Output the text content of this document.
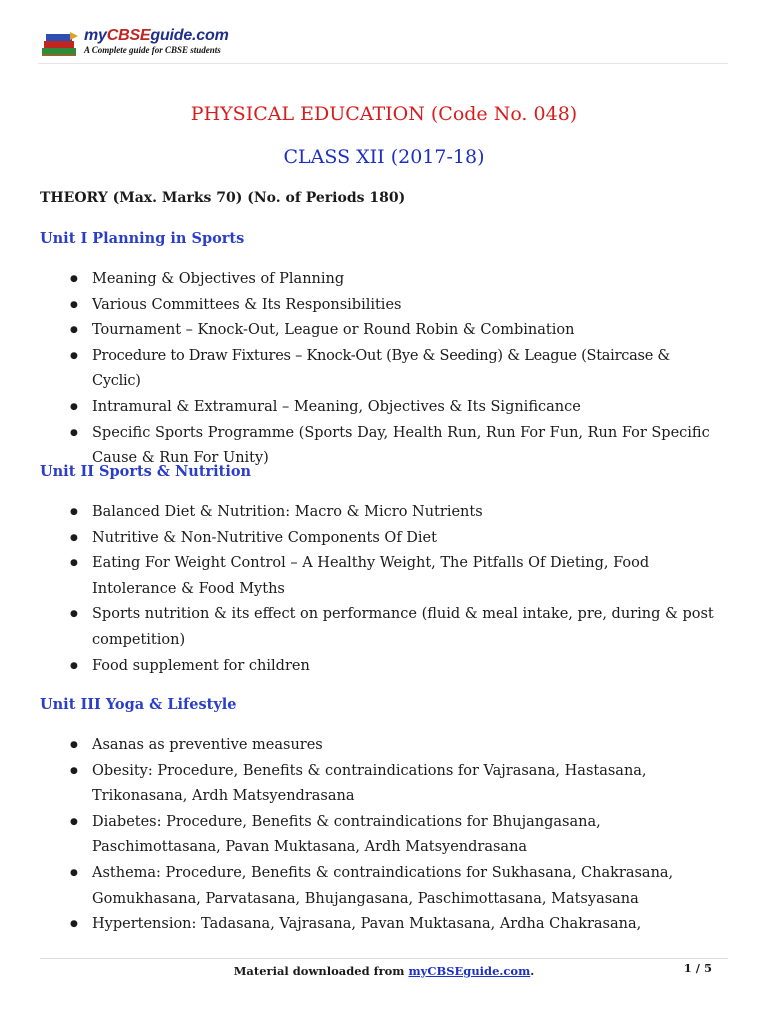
myCBSEguide.com
A Complete guide for CBSE students
PHYSICAL EDUCATION (Code No. 048)
CLASS XII (2017-18)

THEORY (Max. Marks 70) (No. of Periods 180)

Unit I Planning in Sports
● Meaning & Objectives of Planning
● Various Committees & Its Responsibilities
● Tournament – Knock-Out, League or Round Robin & Combination
● Procedure to Draw Fixtures – Knock-Out (Bye & Seeding) & League (Staircase & Cyclic)
● Intramural & Extramural – Meaning, Objectives & Its Significance
● Specific Sports Programme (Sports Day, Health Run, Run For Fun, Run For Specific Cause & Run For Unity)
Unit II Sports & Nutrition
● Balanced Diet & Nutrition: Macro & Micro Nutrients
● Nutritive & Non-Nutritive Components Of Diet
● Eating For Weight Control – A Healthy Weight, The Pitfalls Of Dieting, Food Intolerance & Food Myths
● Sports nutrition & its effect on performance (fluid & meal intake, pre, during & post competition)
● Food supplement for children
Unit III Yoga & Lifestyle
● Asanas as preventive measures
● Obesity: Procedure, Benefits & contraindications for Vajrasana, Hastasana, Trikonasana, Ardh Matsyendrasana
● Diabetes: Procedure, Benefits & contraindications for Bhujangasana, Paschimottasana, Pavan Muktasana, Ardh Matsyendrasana
● Asthema: Procedure, Benefits & contraindications for Sukhasana, Chakrasana, Gomukhasana, Parvatasana, Bhujangasana, Paschimottasana, Matsyasana
● Hypertension: Tadasana, Vajrasana, Pavan Muktasana, Ardha Chakrasana,
Material downloaded from myCBSEguide.com.	1 / 5
